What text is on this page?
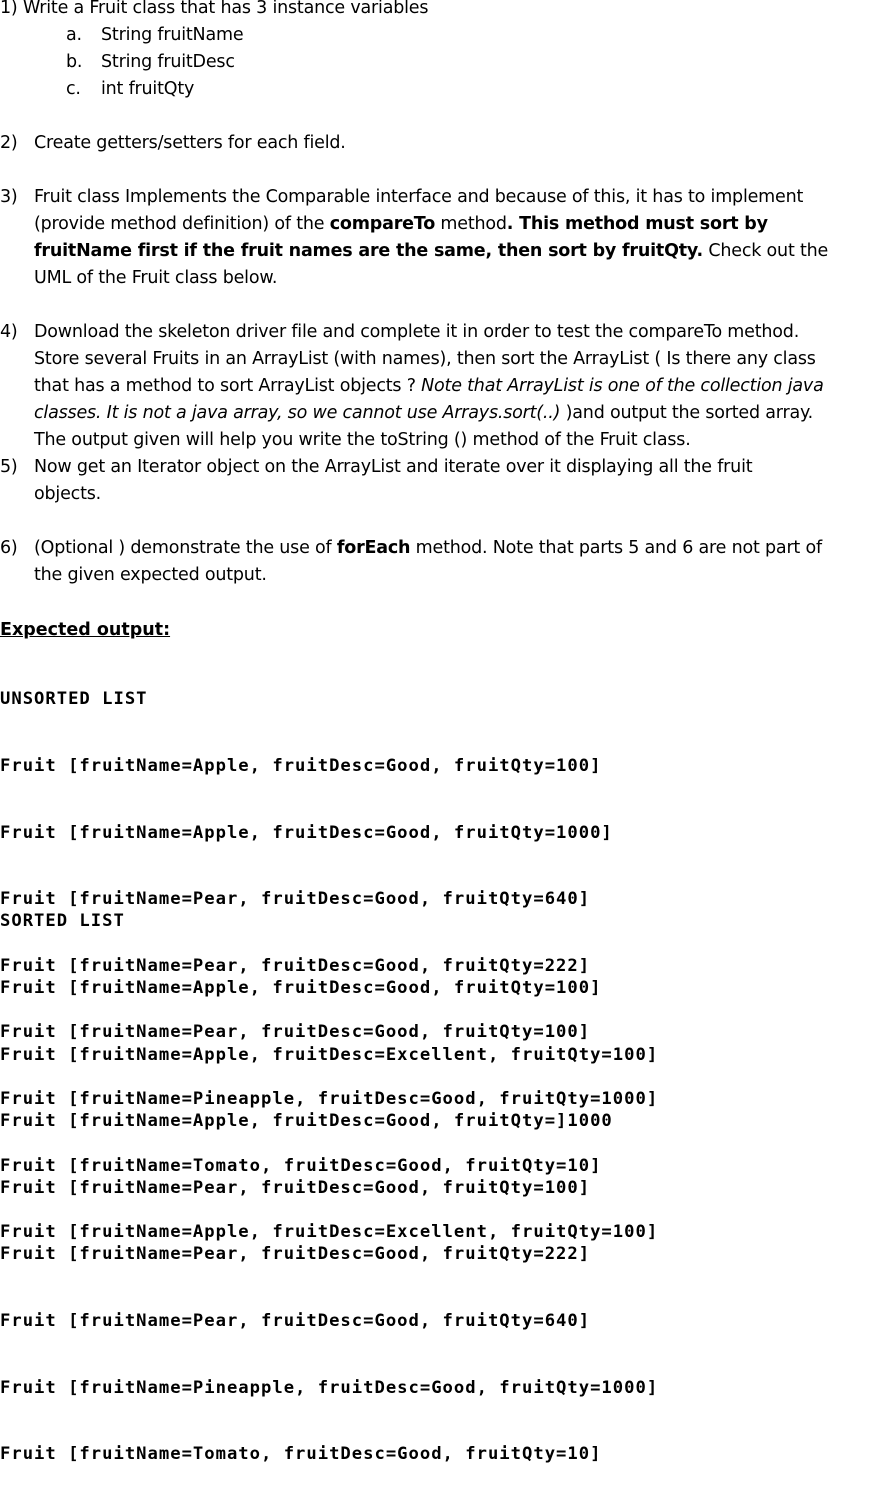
1) Write a Fruit class that has 3 instance variables
a. String fruitName
b. String fruitDesc
c. int fruitQty
2) Create getters/setters for each field.
3) Fruit class Implements the Comparable interface and because of this, it has to implement
(provide method definition) of the compareTo method. This method must sort by
fruitName first if the fruit names are the same, then sort by fruitQty. Check out the
UML of the Fruit class below.
4) Download the skeleton driver file and complete it in order to test the compareTo method.
Store several Fruits in an ArrayList (with names), then sort the ArrayList ( Is there any class
that has a method to sort ArrayList objects ? Note that ArrayList is one of the collection java
classes. It is not a java array, so we cannot use Arrays.sort(..) )and output the sorted array.
The output given will help you write the toString () method of the Fruit class.
5) Now get an Iterator object on the ArrayList and iterate over it displaying all the fruit
objects.
6) (Optional ) demonstrate the use of forEach method. Note that parts 5 and 6 are not part of
the given expected output.
Expected output:

UNSORTED LIST

Fruit [fruitName=Apple, fruitDesc=Good, fruitQty=100]

Fruit [fruitName=Apple, fruitDesc=Good, fruitQty=1000]

Fruit [fruitName=Pear, fruitDesc=Good, fruitQty=640]

Fruit [fruitName=Pear, fruitDesc=Good, fruitQty=222]

Fruit [fruitName=Pear, fruitDesc=Good, fruitQty=100]

Fruit [fruitName=Pineapple, fruitDesc=Good, fruitQty=1000]

Fruit [fruitName=Tomato, fruitDesc=Good, fruitQty=10]

Fruit [fruitName=Apple, fruitDesc=Excellent, fruitQty=100]

SORTED LIST

Fruit [fruitName=Apple, fruitDesc=Good, fruitQty=100]

Fruit [fruitName=Apple, fruitDesc=Excellent, fruitQty=100]

Fruit [fruitName=Apple, fruitDesc=Good, fruitQty=]1000

Fruit [fruitName=Pear, fruitDesc=Good, fruitQty=100]

Fruit [fruitName=Pear, fruitDesc=Good, fruitQty=222]

Fruit [fruitName=Pear, fruitDesc=Good, fruitQty=640]

Fruit [fruitName=Pineapple, fruitDesc=Good, fruitQty=1000]

Fruit [fruitName=Tomato, fruitDesc=Good, fruitQty=10]
